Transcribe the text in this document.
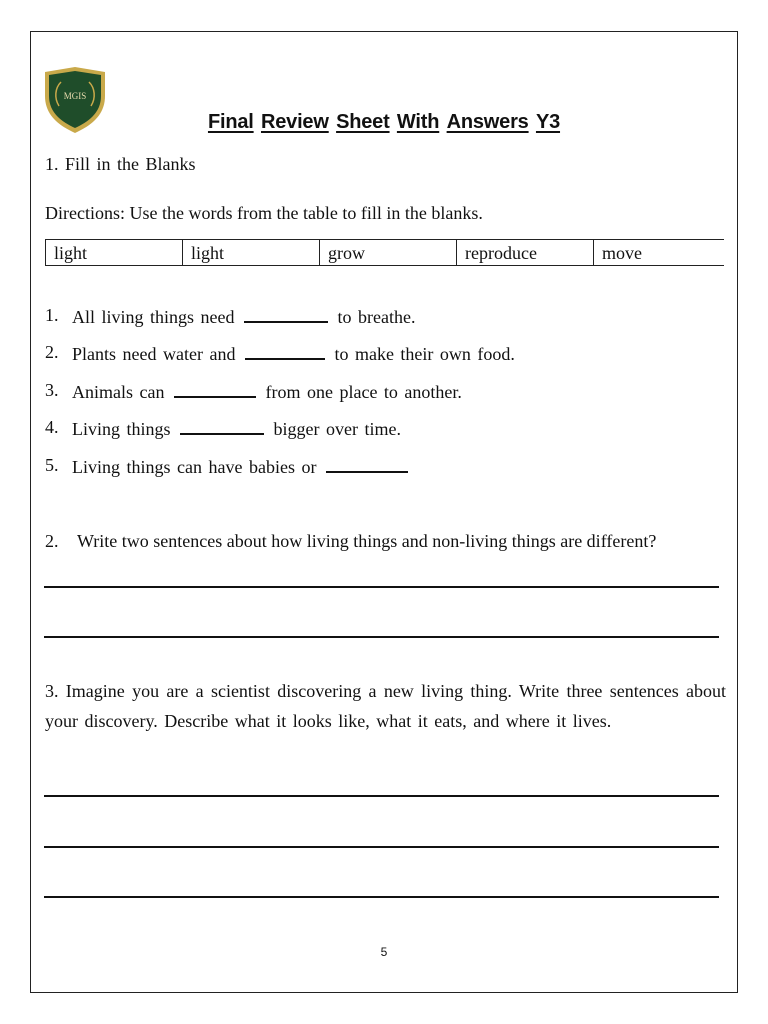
MGIS
Final Review Sheet With Answers Y3
1. Fill in the Blanks
Directions: Use the words from the table to fill in the blanks.
light	light	grow	reproduce	move
1. All living things need	to breathe.
2. Plants need water and	to make their own food.
3. Animals can	from one place to another.
4. Living things	bigger over time.
5. Living things can have babies or
2. Write two sentences about how living things and non-living things are different?
3. Imagine you are a scientist discovering a new living thing. Write three sentences about your discovery. Describe what it looks like, what it eats, and where it lives.
5
